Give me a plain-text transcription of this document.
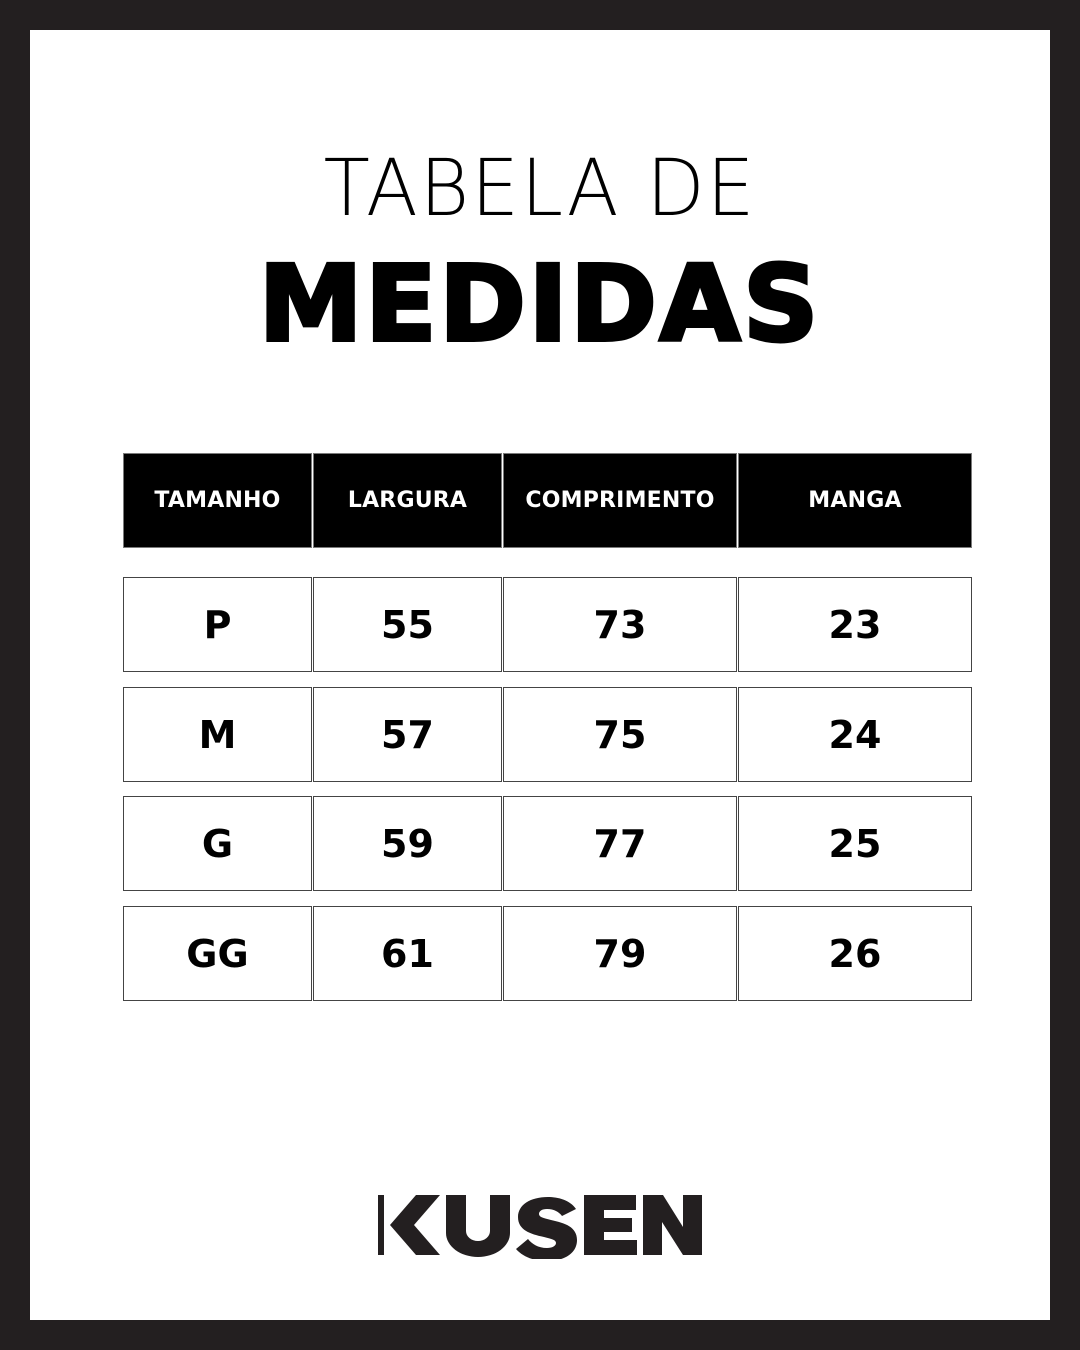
TABELA DE
MEDIDAS
TAMANHO	LARGURA	COMPRIMENTO	MANGA
P	55	73	23
M	57	75	24
G	59	77	25
GG	61	79	26
